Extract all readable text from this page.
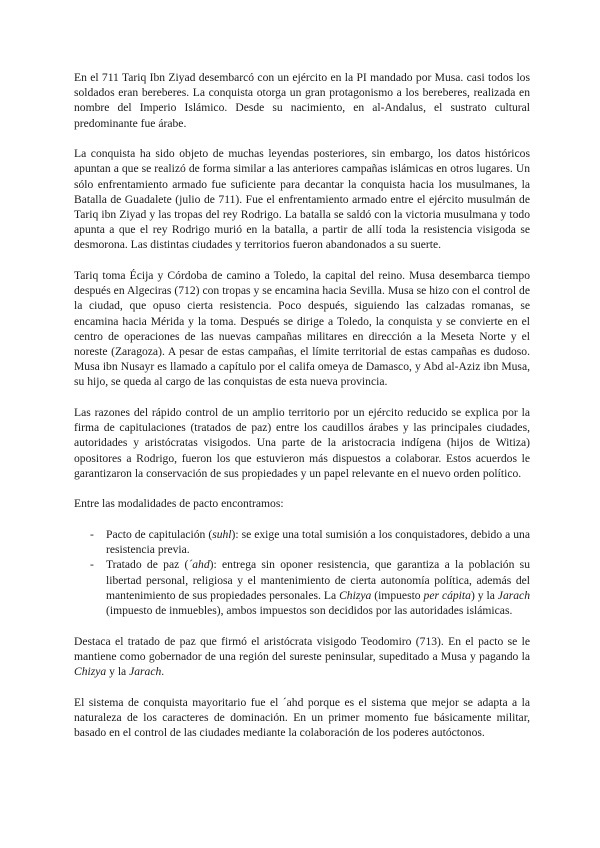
En el 711 Tariq Ibn Ziyad desembarcó con un ejército en la PI mandado por Musa. casi todos los soldados eran bereberes. La conquista otorga un gran protagonismo a los bereberes, realizada en nombre del Imperio Islámico. Desde su nacimiento, en al-Andalus, el sustrato cultural predominante fue árabe.

La conquista ha sido objeto de muchas leyendas posteriores, sin embargo, los datos históricos apuntan a que se realizó de forma similar a las anteriores campañas islámicas en otros lugares. Un sólo enfrentamiento armado fue suficiente para decantar la conquista hacia los musulmanes, la Batalla de Guadalete (julio de 711). Fue el enfrentamiento armado entre el ejército musulmán de Tariq ibn Ziyad y las tropas del rey Rodrigo. La batalla se saldó con la victoria musulmana y todo apunta a que el rey Rodrigo murió en la batalla, a partir de allí toda la resistencia visigoda se desmorona. Las distintas ciudades y territorios fueron abandonados a su suerte.

Tariq toma Écija y Córdoba de camino a Toledo, la capital del reino. Musa desembarca tiempo después en Algeciras (712) con tropas y se encamina hacia Sevilla. Musa se hizo con el control de la ciudad, que opuso cierta resistencia. Poco después, siguiendo las calzadas romanas, se encamina hacia Mérida y la toma. Después se dirige a Toledo, la conquista y se convierte en el centro de operaciones de las nuevas campañas militares en dirección a la Meseta Norte y el noreste (Zaragoza). A pesar de estas campañas, el límite territorial de estas campañas es dudoso. Musa ibn Nusayr es llamado a capítulo por el califa omeya de Damasco, y Abd al-Aziz ibn Musa, su hijo, se queda al cargo de las conquistas de esta nueva provincia.

Las razones del rápido control de un amplio territorio por un ejército reducido se explica por la firma de capitulaciones (tratados de paz) entre los caudillos árabes y las principales ciudades, autoridades y aristócratas visigodos. Una parte de la aristocracia indígena (hijos de Witiza) opositores a Rodrigo, fueron los que estuvieron más dispuestos a colaborar. Estos acuerdos le garantizaron la conservación de sus propiedades y un papel relevante en el nuevo orden político.

Entre las modalidades de pacto encontramos:

- Pacto de capitulación (suhl): se exige una total sumisión a los conquistadores, debido a una resistencia previa.
- Tratado de paz (´ahd): entrega sin oponer resistencia, que garantiza a la población su libertad personal, religiosa y el mantenimiento de cierta autonomía política, además del mantenimiento de sus propiedades personales. La Chizya (impuesto per cápita) y la Jarach (impuesto de inmuebles), ambos impuestos son decididos por las autoridades islámicas.

Destaca el tratado de paz que firmó el aristócrata visigodo Teodomiro (713). En el pacto se le mantiene como gobernador de una región del sureste peninsular, supeditado a Musa y pagando la Chizya y la Jarach.

El sistema de conquista mayoritario fue el ´ahd porque es el sistema que mejor se adapta a la naturaleza de los caracteres de dominación. En un primer momento fue básicamente militar, basado en el control de las ciudades mediante la colaboración de los poderes autóctonos.
